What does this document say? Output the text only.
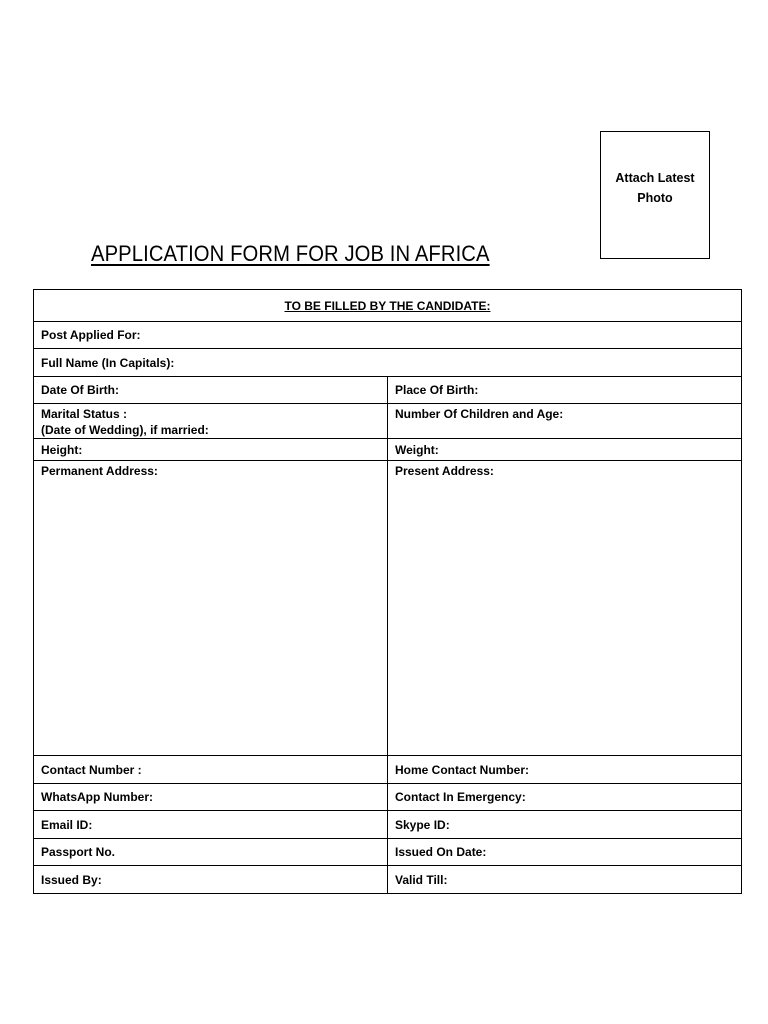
Attach Latest
Photo
APPLICATION FORM FOR JOB IN AFRICA
TO BE FILLED BY THE CANDIDATE:	
Post Applied For:	
Full Name (In Capitals):	
Date Of Birth:	Place Of Birth:

Marital Status :
(Date of Wedding), if married:	Number Of Children and Age:
Height:	Weight:
Permanent Address:	Present Address:
Contact Number :	Home Contact Number:
WhatsApp Number:	Contact In Emergency:
Email ID:	Skype ID:
Passport No.	Issued On Date:
Issued By:	Valid Till:
